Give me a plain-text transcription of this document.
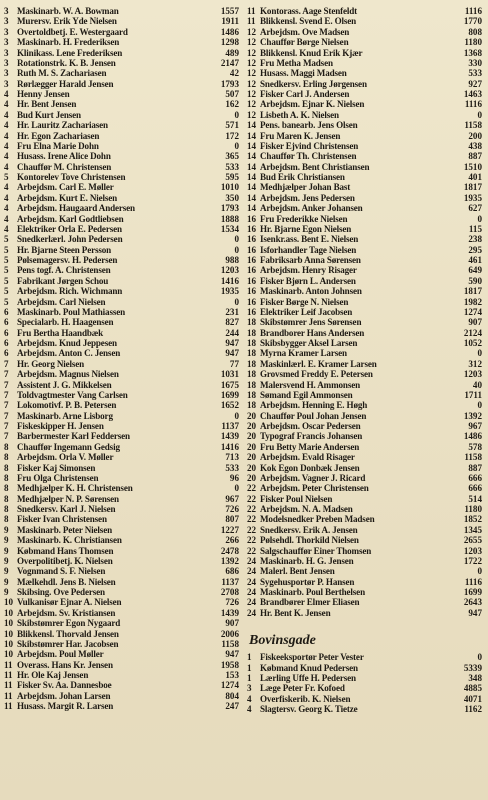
3 Maskinarb. W. A. Bowman	1557
3 Murersv. Erik Yde Nielsen	1911
3 Overtoldbetj. E. Westergaard	1486
3 Maskinarb. H. Frederiksen	1298
3 Klinikass. Lene Frederiksen	489
3 Rotationstrk. K. B. Jensen	2147
3 Ruth M. S. Zachariasen	42
3 Rørlægger Harald Jensen	1793
4 Henny Jensen	507
4 Hr. Bent Jensen	162
4 Bud Kurt Jensen	0
4 Hr. Lauritz Zachariasen	571
4 Hr. Egon Zachariasen	172
4 Fru Elna Marie Dohn	0
4 Husass. Irene Alice Dohn	365
4 Chauffør M. Christensen	533
5 Kontorelev Tove Christensen	595
4 Arbejdsm. Carl E. Møller	1010
4 Arbejdsm. Kurt E. Nielsen	350
4 Arbejdsm. Haugaard Andersen	1793
4 Arbejdsm. Karl Godtliebsen	1888
4 Elektriker Orla E. Pedersen	1534
5 Snedkerlærl. John Pedersen	0
5 Hr. Bjarne Steen Persson	0
5 Pølsemagersv. H. Pedersen	988
5 Pens togf. A. Christensen	1203
5 Fabrikant Jørgen Schou	1416
5 Arbejdsm. Rich. Wichmann	1935
5 Arbejdsm. Carl Nielsen	0
6 Maskinarb. Poul Mathiassen	231
6 Specialarb. H. Haagensen	827
6 Fru Bertha Haandbæk	244
6 Arbejdsm. Knud Jeppesen	947
6 Arbejdsm. Anton C. Jensen	947
7 Hr. Georg Nielsen	77
7 Arbejdsm. Magnus Nielsen	1031
7 Assistent J. G. Mikkelsen	1675
7 Toldvagtmester Vang Carlsen	1699
7 Lokomotivf. P. B. Petersen	1652
7 Maskinarb. Arne Lisborg	0
7 Fiskeskipper H. Jensen	1137
7 Barbermester Karl Feddersen	1439
8 Chauffør Ingemann Gedsig	1416
8 Arbejdsm. Orla V. Møller	713
8 Fisker Kaj Simonsen	533
8 Fru Olga Christensen	96
8 Medhjælper K. H. Christensen	0
8 Medhjælper N. P. Sørensen	967
8 Snedkersv. Karl J. Nielsen	726
8 Fisker Ivan Christensen	807
9 Maskinarb. Peter Nielsen	1227
9 Maskinarb. K. Christiansen	266
9 Købmand Hans Thomsen	2478
9 Overpolitibetj. K. Nielsen	1392
9 Vognmand S. F. Nielsen	686
9 Mælkehdl. Jens B. Nielsen	1137
9 Skibsing. Ove Pedersen	2708
10 Vulkanisør Ejnar A. Nielsen	726
10 Arbejdsm. Sv. Kristiansen	1439
10 Skibstømrer Egon Nygaard	907
10 Blikkensl. Thorvald Jensen	2006
10 Skibstømrer Har. Jacobsen	1158
10 Arbejdsm. Poul Møller	947
11 Overass. Hans Kr. Jensen	1958
11 Hr. Ole Kaj Jensen	153
11 Fisker Sv. Aa. Dannesboe	1274
11 Arbejdsm. Johan Larsen	804
11 Husass. Margit R. Larsen	247
11 Kontorass. Aage Stenfeldt	1116
11 Blikkensl. Svend E. Olsen	1770
12 Arbejdsm. Ove Madsen	808
12 Chauffør Børge Nielsen	1180
12 Blikkensl. Knud Erik Kjær	1368
12 Fru Metha Madsen	330
12 Husass. Maggi Madsen	533
12 Snedkersv. Erling Jørgensen	927
12 Fisker Carl J. Andersen	1463
12 Arbejdsm. Ejnar K. Nielsen	1116
12 Lisbeth A. K. Nielsen	0
14 Pens. banearb. Jens Olsen	1158
14 Fru Maren K. Jensen	200
14 Fisker Ejvind Christensen	438
14 Chauffør Th. Christensen	887
14 Arbejdsm. Bent Christiansen	1510
14 Bud Erik Christiansen	401
14 Medhjælper Johan Bast	1817
14 Arbejdsm. Jens Pedersen	1935
14 Arbejdsm. Anker Johansen	627
16 Fru Frederikke Nielsen	0
16 Hr. Bjarne Egon Nielsen	115
16 Isenkr.ass. Bent E. Nielsen	238
16 Isforhandler Tage Nielsen	295
16 Fabriksarb Anna Sørensen	461
16 Arbejdsm. Henry Risager	649
16 Fisker Bjørn L. Andersen	590
16 Maskinarb. Anton Johnsen	1817
16 Fisker Børge N. Nielsen	1982
16 Elektriker Leif Jacobsen	1274
18 Skibstømrer Jens Sørensen	907
18 Brandborer Hans Andersen	2124
18 Skibsbygger Aksel Larsen	1052
18 Myrna Kramer Larsen	0
18 Maskinlærl. E. Kramer Larsen	312
18 Grovsmed Freddy E. Petersen	1203
18 Malersvend H. Ammonsen	40
18 Sømand Egil Ammonsen	1711
18 Arbejdsm. Henning E. Høgh	0
20 Chauffør Poul Johan Jensen	1392
20 Arbejdsm. Oscar Pedersen	967
20 Typograf Francis Johansen	1486
20 Fru Betty Marie Andersen	578
20 Arbejdsm. Evald Risager	1158
20 Kok Egon Donbæk Jensen	887
20 Arbejdsm. Vagner J. Ricard	666
22 Arbejdsm. Peter Christensen	666
22 Fisker Poul Nielsen	514
22 Arbejdsm. N. A. Madsen	1180
22 Modelsnedker Preben Madsen	1852
22 Snedkersv. Erik A. Jensen	1345
22 Pølsehdl. Thorkild Nielsen	2655
22 Salgschauffør Einer Thomsen	1203
24 Maskinarb. H. G. Jensen	1722
24 Malerl. Bent Jensen	0
24 Sygehusportør P. Hansen	1116
24 Maskinarb. Poul Berthelsen	1699
24 Brandbører Elmer Eliasen	2643
24 Hr. Bent K. Jensen	947
Bovinsgade
1 Fiskeeksportør Peter Vester	0
1 Købmand Knud Pedersen	5339
1 Lærling Uffe H. Pedersen	348
3 Læge Peter Fr. Kofoed	4885
4 Overfiskerib. K. Nielsen	4071
4 Slagtersv. Georg K. Tietze	1162
